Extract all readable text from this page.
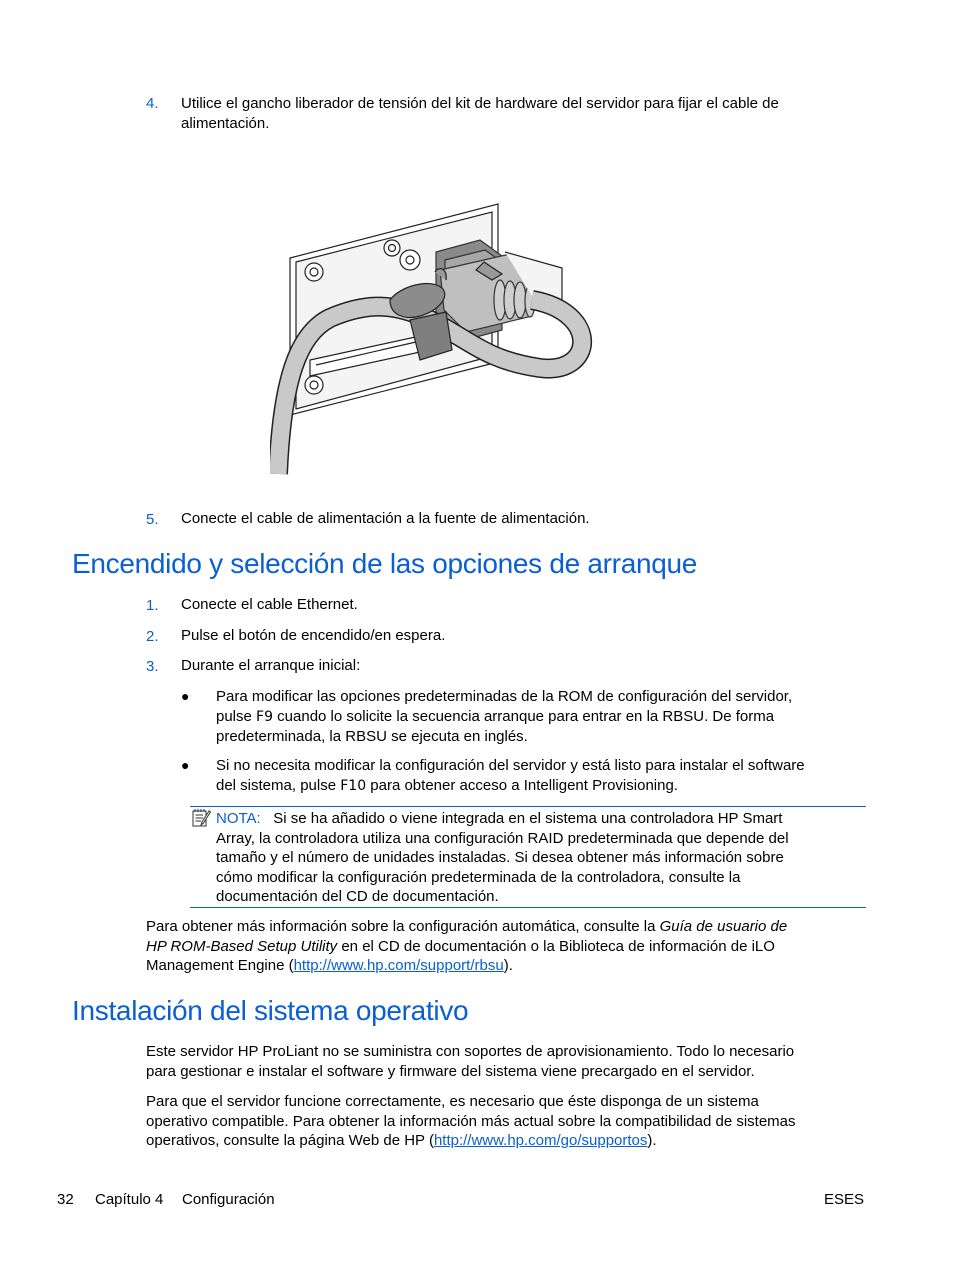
4. Utilice el gancho liberador de tensión del kit de hardware del servidor para fijar el cable de
alimentación.
5. Conecte el cable de alimentación a la fuente de alimentación.
Encendido y selección de las opciones de arranque
1. Conecte el cable Ethernet.
2. Pulse el botón de encendido/en espera.
3. Durante el arranque inicial:
● Para modificar las opciones predeterminadas de la ROM de configuración del servidor,
pulse F9 cuando lo solicite la secuencia arranque para entrar en la RBSU. De forma
predeterminada, la RBSU se ejecuta en inglés.
● Si no necesita modificar la configuración del servidor y está listo para instalar el software
del sistema, pulse F10 para obtener acceso a Intelligent Provisioning.
NOTA: Si se ha añadido o viene integrada en el sistema una controladora HP Smart
Array, la controladora utiliza una configuración RAID predeterminada que depende del
tamaño y el número de unidades instaladas. Si desea obtener más información sobre
cómo modificar la configuración predeterminada de la controladora, consulte la
documentación del CD de documentación.
Para obtener más información sobre la configuración automática, consulte la Guía de usuario de
HP ROM-Based Setup Utility en el CD de documentación o la Biblioteca de información de iLO
Management Engine (http://www.hp.com/support/rbsu).
Instalación del sistema operativo
Este servidor HP ProLiant no se suministra con soportes de aprovisionamiento. Todo lo necesario
para gestionar e instalar el software y firmware del sistema viene precargado en el servidor.
Para que el servidor funcione correctamente, es necesario que éste disponga de un sistema
operativo compatible. Para obtener la información más actual sobre la compatibilidad de sistemas
operativos, consulte la página Web de HP (http://www.hp.com/go/supportos).
32 Capítulo 4 Configuración	ESES
